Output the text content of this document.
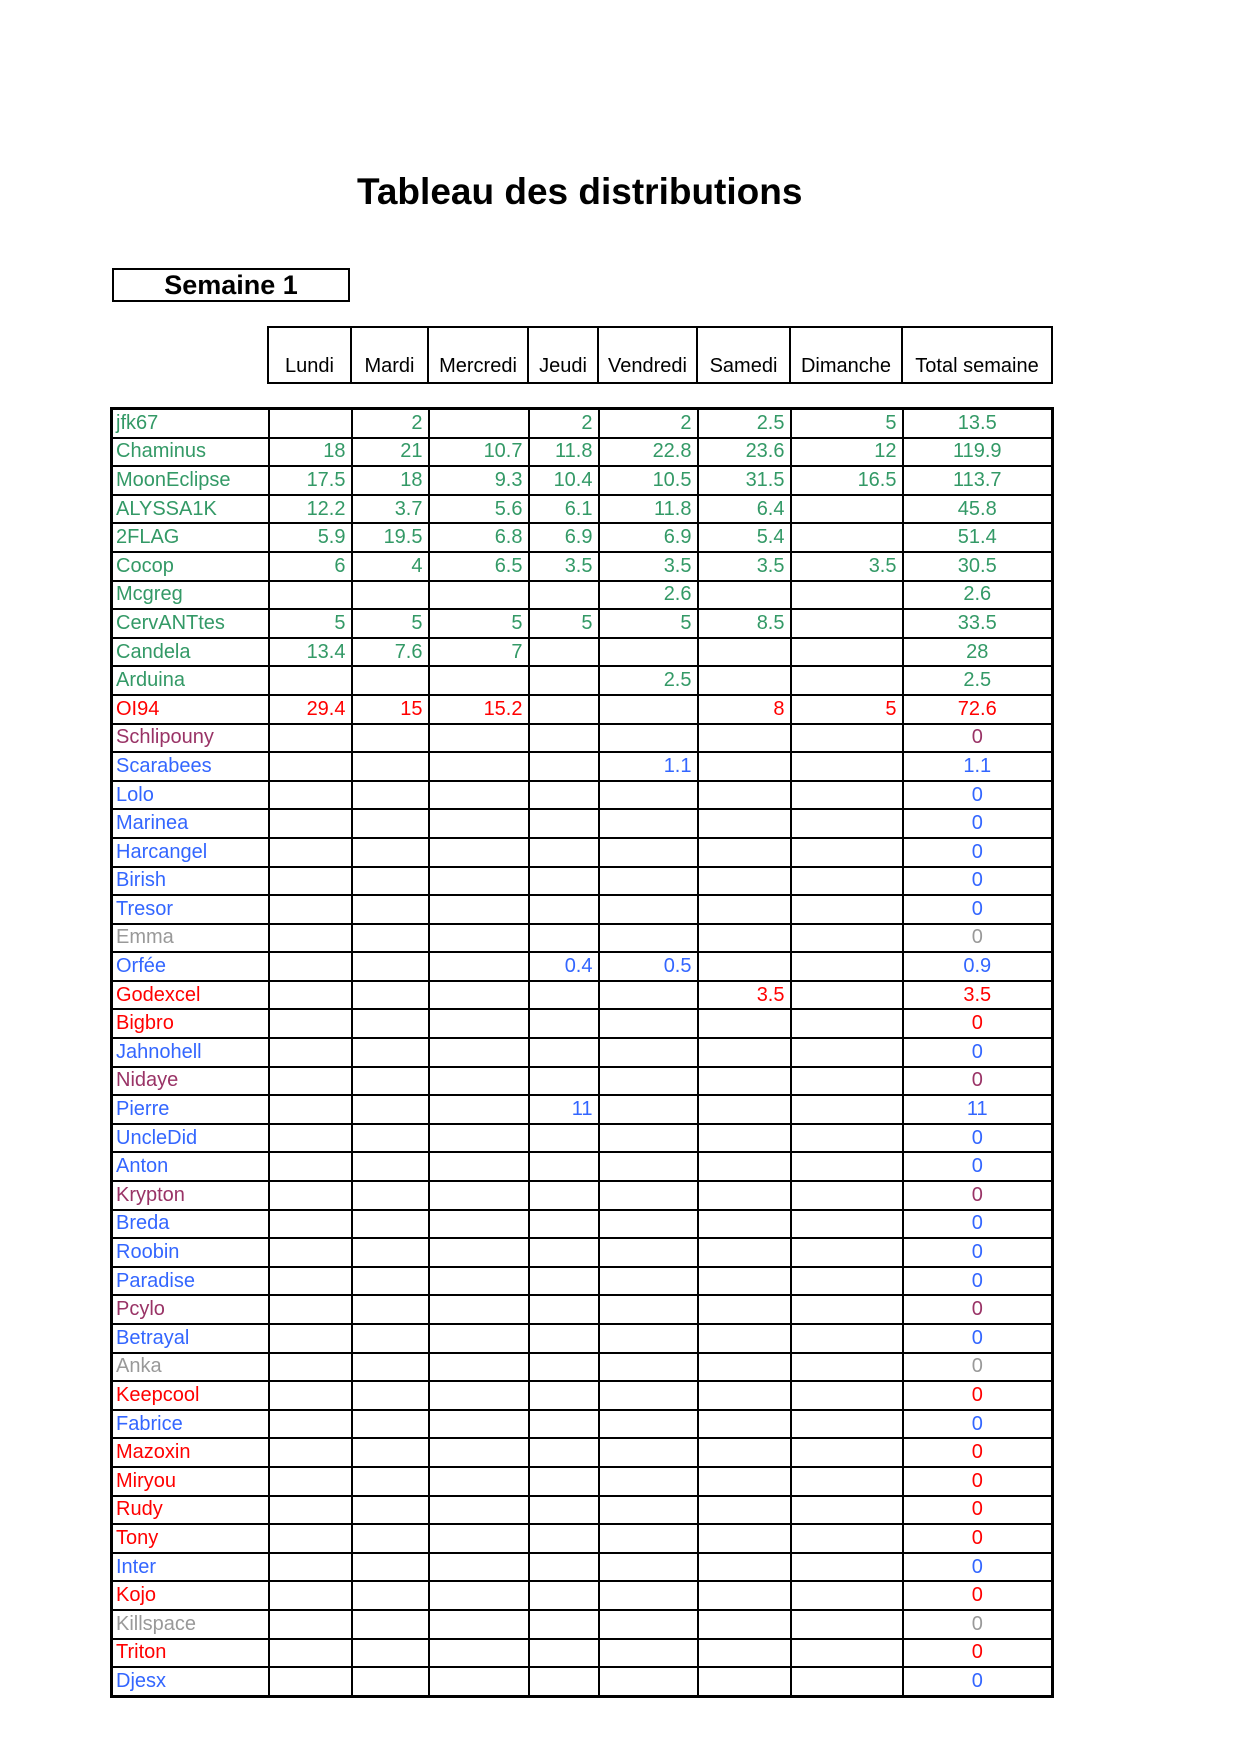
Tableau des distributions
Semaine 1
Lundi	Mardi	Mercredi	Jeudi	Vendredi	Samedi	Dimanche	Total semaine
jfk67		2		2	2	2.5	5	13.5
Chaminus	18	21	10.7	11.8	22.8	23.6	12	119.9
MoonEclipse	17.5	18	9.3	10.4	10.5	31.5	16.5	113.7
ALYSSA1K	12.2	3.7	5.6	6.1	11.8	6.4		45.8
2FLAG	5.9	19.5	6.8	6.9	6.9	5.4		51.4
Cocop	6	4	6.5	3.5	3.5	3.5	3.5	30.5
Mcgreg					2.6			2.6
CervANTtes	5	5	5	5	5	8.5		33.5
Candela	13.4	7.6	7					28
Arduina					2.5			2.5
OI94	29.4	15	15.2			8	5	72.6
Schlipouny								0
Scarabees					1.1			1.1
Lolo								0
Marinea								0
Harcangel								0
Birish								0
Tresor								0
Emma								0
Orfée				0.4	0.5			0.9
Godexcel						3.5		3.5
Bigbro								0
Jahnohell								0
Nidaye								0
Pierre				11				11
UncleDid								0
Anton								0
Krypton								0
Breda								0
Roobin								0
Paradise								0
Pcylo								0
Betrayal								0
Anka								0
Keepcool								0
Fabrice								0
Mazoxin								0
Miryou								0
Rudy								0
Tony								0
Inter								0
Kojo								0
Killspace								0
Triton								0
Djesx								0
